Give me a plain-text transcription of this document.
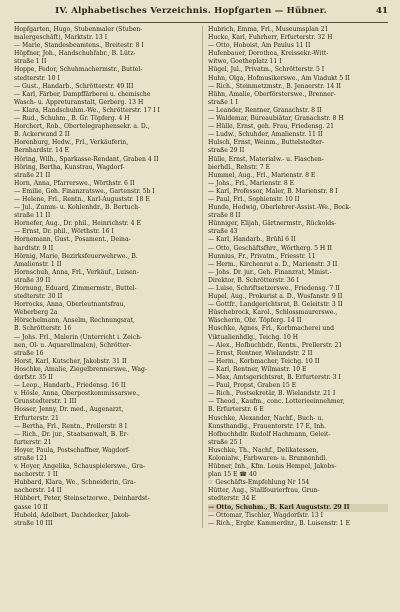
IV. Alphabetisches Verzeichnis. Hopfgarten — Hübner.	41
Hopfgarten, Hugo, Stubenmaler (Stuben-
malergeschäft), Marktstr. 13 I
— Marie, Standesbeamtens., Breitestr. 8 I
Höpfner, Joh., Handschuhfabr., B. Lütz-
straße 1 II
Hoppe, Fedor, Schuhmachermstr., Buttel-
stedterstr. 10 I
— Gust., Handarb., Schrötterstr. 49 III
— Karl, Färber, Dampffärberei u. chemische
Wasch- u. Appreturanstalt, Gerberg. 13 H
— Klara, Handschuhm.-We., Schrötterstr. 17 I I
— Rud., Schuhm., B. Gr. Töpferg. 4 H
Horchert, Rob., Obertelegraphensekr. a. D.,
B. Ackerwand 2 II
Horenburg, Hedw., Frl., Verkäuferin,
Bernhardstr. 14 E
Höring, Wilh., Sparkasse-Rendant, Graben 4 II
Höring, Bertha, Kunstrau, Wagdorf-
straße 21 II
Horn, Anna, Pfarrerswe., Wörthstr. 6 II
— Emilie, Geh. Finanzratswe., Gartenstr. 5b I
— Helene, Frl., Rentn., Karl-Auguststr. 18 E
— Jul., Zumm- u. Kohlenhdr., B. Bertuch-
straße 11 II
Hornefer, Aug., Dr. phil., Heinrichstr. 4 E
— Ernst, Dr. phil., Wörthstr. 16 I
Hornemann, Gust., Posament., Deina-
hardtstr. 9 II
Hörnig, Marie, Bezirksfeuerwehrwe., B.
Amalienstr. 1 II
Hornschuh, Anna, Frl., Verkäuf., Luisen-
straße 39 II
Hornung, Eduard, Zimmermstr., Buttel-
stedterstr. 30 II
Horrocks, Anna, Oberleutnantsfrau,
Weberberg 2a
Hörschelmann, Anselm, Rechnungsrat,
B. Schrötterstr. 16
— Johs. Frl., Malerin (Unterricht i. Zeich-
nen, Öl- u. Aquarellmalen), Schrötter-
straße 16
Horst, Karl, Kutscher, Jakobstr. 31 II
Hoschke, Amalie, Ziegelbrennerswe., Wag-
dorfstr. 35 II
— Leop., Handarb., Friedensg. 16 II
v. Hösle, Anna, Oberpostkommissarswe.,
Grunstedterstr. 1 III
Hosser, Jenny, Dr. med., Augenarzt,
Erfurterstr. 21
— Bertha, Frl., Rentn., Prellerstr. 8 I
— Rich., Dr. jur., Staatsanwalt, B. Er-
furterstr. 21
Hoyer, Paula, Postschaffner, Wagdorf-
straße 121
v. Hoyer, Angelika, Schauspielerswe., Gra-
nacherstr. 1 II
Hubbard, Klara, We., Schneiderin, Gra-
nacherstr. 14 II
Hübbert, Peter, Steinsetzerwe., Deinhardst-
gasse 10 II
Hubold, Adelbert, Dachdecker, Jakob-
straße 10 III
Hubrich, Emma, Frl., Museumsplan 21
Hucke, Karl, Fuhrherr, Erfurterstr. 32 H
— Otto, Hoboist, Am Paulus 11 II
Hufenbauer, Dorothea, Kreissekr.-Witt-
witwe, Goetheplatz 11 I
Hügel, Jul., Privatm., Schrötterstr. 5 I
Huhn, Olga, Hofmusikerswe., Am Viadukt 5 II
— Rich., Steinmetzmstr., B. Jenaerstr. 14 II
Hühn, Amalie, Oberförsterswe., Brenner-
straße 1 I
— Leander, Rentner, Granachstr. 8 II
— Waldemar, Bureaubiätar, Granachstr. 8 H
— Hülle, Ernst, geh. Frau, Friedensg. 21
— Ludw., Schuhder, Amalienstr. 11 II
Hulsch, Ernst, Weinm., Buttelstedter-
straße 29 II
Hülle, Ernst, Materialw.- u. Flaschen-
bierhdl., Rehstr. 7 E
Hummel, Aug., Frl., Marienstr. 8 E
— Johs., Frl., Marienstr. 8 E
— Karl, Professor, Maler, B. Marienstr. 8 I
— Paul, Frl., Sophienstr. 10 II
Hunde, Hedwig, Oberlehrer-Assist.-We., Bock-
straße 8 II
Hünniger, Elijah, Gärtnermstr., Rückolds-
straße 43
— Karl, Handarb., Brühl 6 II
— Otto, Geschäftsfhrr., Wörtherg. 5 H II
Hunnius, Fr., Privatm., Friesstr. 11
— Herm., Kirchenrat a. D., Marienstr. 3 II
— Johs. Dr. jur., Geh. Finanzrat, Minist.-
Direktor, B. Schrötterstr. 36 I
— Luise, Schriftsetzerswe., Friedensg. 7 II
Hupel, Aug., Prokurist a. D., Wusfanstr. 9 II
— Gottfr., Landgerichtsrat, B. Geleitstr. 3 II
Hüschebrock, Karol., Schlossmaurerswe.,
Wäscherin, Obr. Töpferg. 14 II
Huschke, Agnes, Frl., Korbmacherei und
Viktualienhdlg., Teichg. 10 H
— Alex., Hofbuchbdr., Rentn., Prellerstr. 21
— Ernst, Rentner, Wielandstr. 2 II
— Herm., Korbmacher, Teichg. 10 II
— Karl, Rentner, Wilmastr. 10 E
— Max, Amtsgerichtsrat, B. Erfurterstr. 3 I
— Paul, Propst, Graben 15 E
— Rich., Postsekretär, B. Wielandstr. 21 I
— Theod., Kaufm., conc. Lotterieeinnehmer,
B. Erfurterstr. 6 E
Huschke, Alexander, Nachf., Buch- u.
Kunsthandlg., Frauentorstr. 17 E, Inh.
Hofbuchhdlr. Rudolf Hachmann, Geleit-
straße 25 I
Huschke, Th., Nachf., Delikatessen,
Kolonialw., Farbwaren- u. Brunnenhdl.
Hübner, Inh., Kfm. Louis Hempel, Jakobs-
plan 15 E ☎ 40
☞ Geschäfts-Empfehlung Nr 154
Hütter, Aug., Stallfourierfrau, Grun-
stedterstr. 34 E
— Otto, Schuhm., B. Karl Auguststr. 29 II
— Ottomar, Tischler, Wagdorfstr. 13 I
— Rich., Ergbr. Kammerdnr., B. Luisenstr. 1 E
